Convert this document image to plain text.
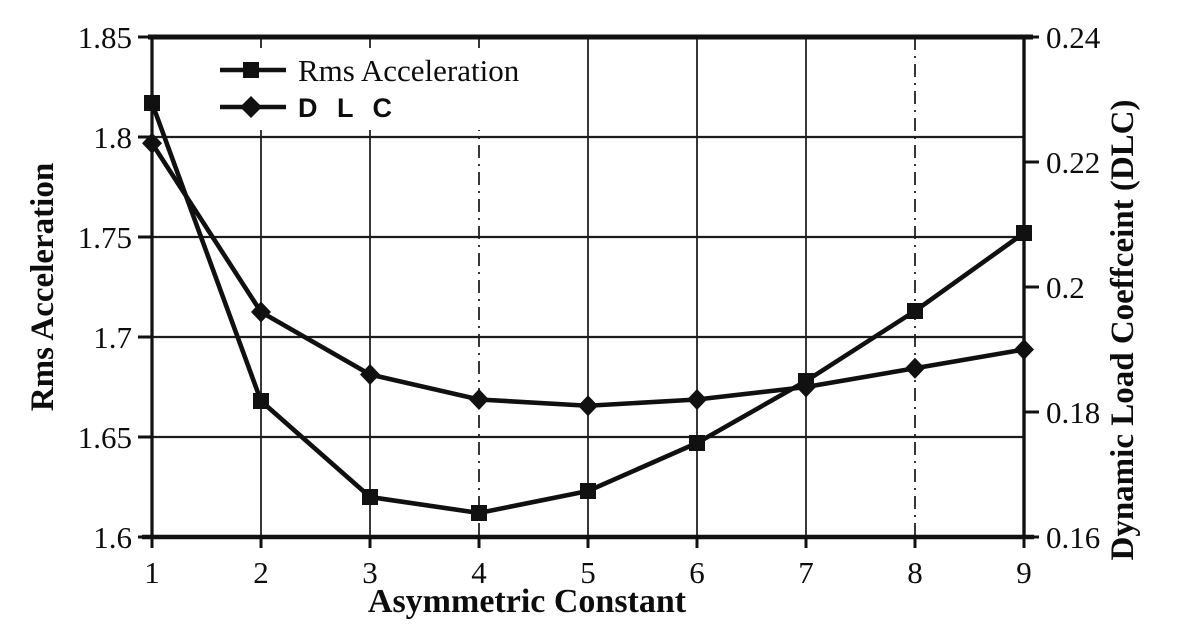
1.85
1.8
1.75
1.7
1.65
1.6
0.24
0.22
0.2
0.18
0.16
1	2	3	4	5	6	7	8	9
Rms Acceleration
D L C
Asymmetric Constant
Rms Acceleration	Dynamic Load Coeffceint (DLC)
